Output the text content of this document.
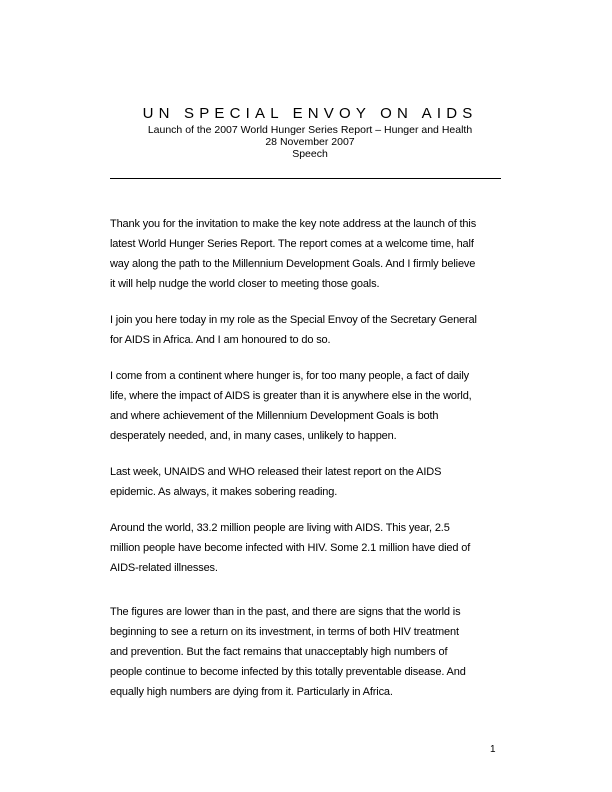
UN SPECIAL ENVOY ON AIDS

Launch of the 2007 World Hunger Series Report – Hunger and Health

28 November 2007

Speech

Thank you for the invitation to make the key note address at the launch of this
latest World Hunger Series Report. The report comes at a welcome time, half
way along the path to the Millennium Development Goals. And I firmly believe
it will help nudge the world closer to meeting those goals.

I join you here today in my role as the Special Envoy of the Secretary General
for AIDS in Africa. And I am honoured to do so.

I come from a continent where hunger is, for too many people, a fact of daily
life, where the impact of AIDS is greater than it is anywhere else in the world,
and where achievement of the Millennium Development Goals is both
desperately needed, and, in many cases, unlikely to happen.

Last week, UNAIDS and WHO released their latest report on the AIDS
epidemic. As always, it makes sobering reading.

Around the world, 33.2 million people are living with AIDS. This year, 2.5
million people have become infected with HIV. Some 2.1 million have died of
AIDS-related illnesses.

The figures are lower than in the past, and there are signs that the world is
beginning to see a return on its investment, in terms of both HIV treatment
and prevention. But the fact remains that unacceptably high numbers of
people continue to become infected by this totally preventable disease. And
equally high numbers are dying from it. Particularly in Africa.

1
